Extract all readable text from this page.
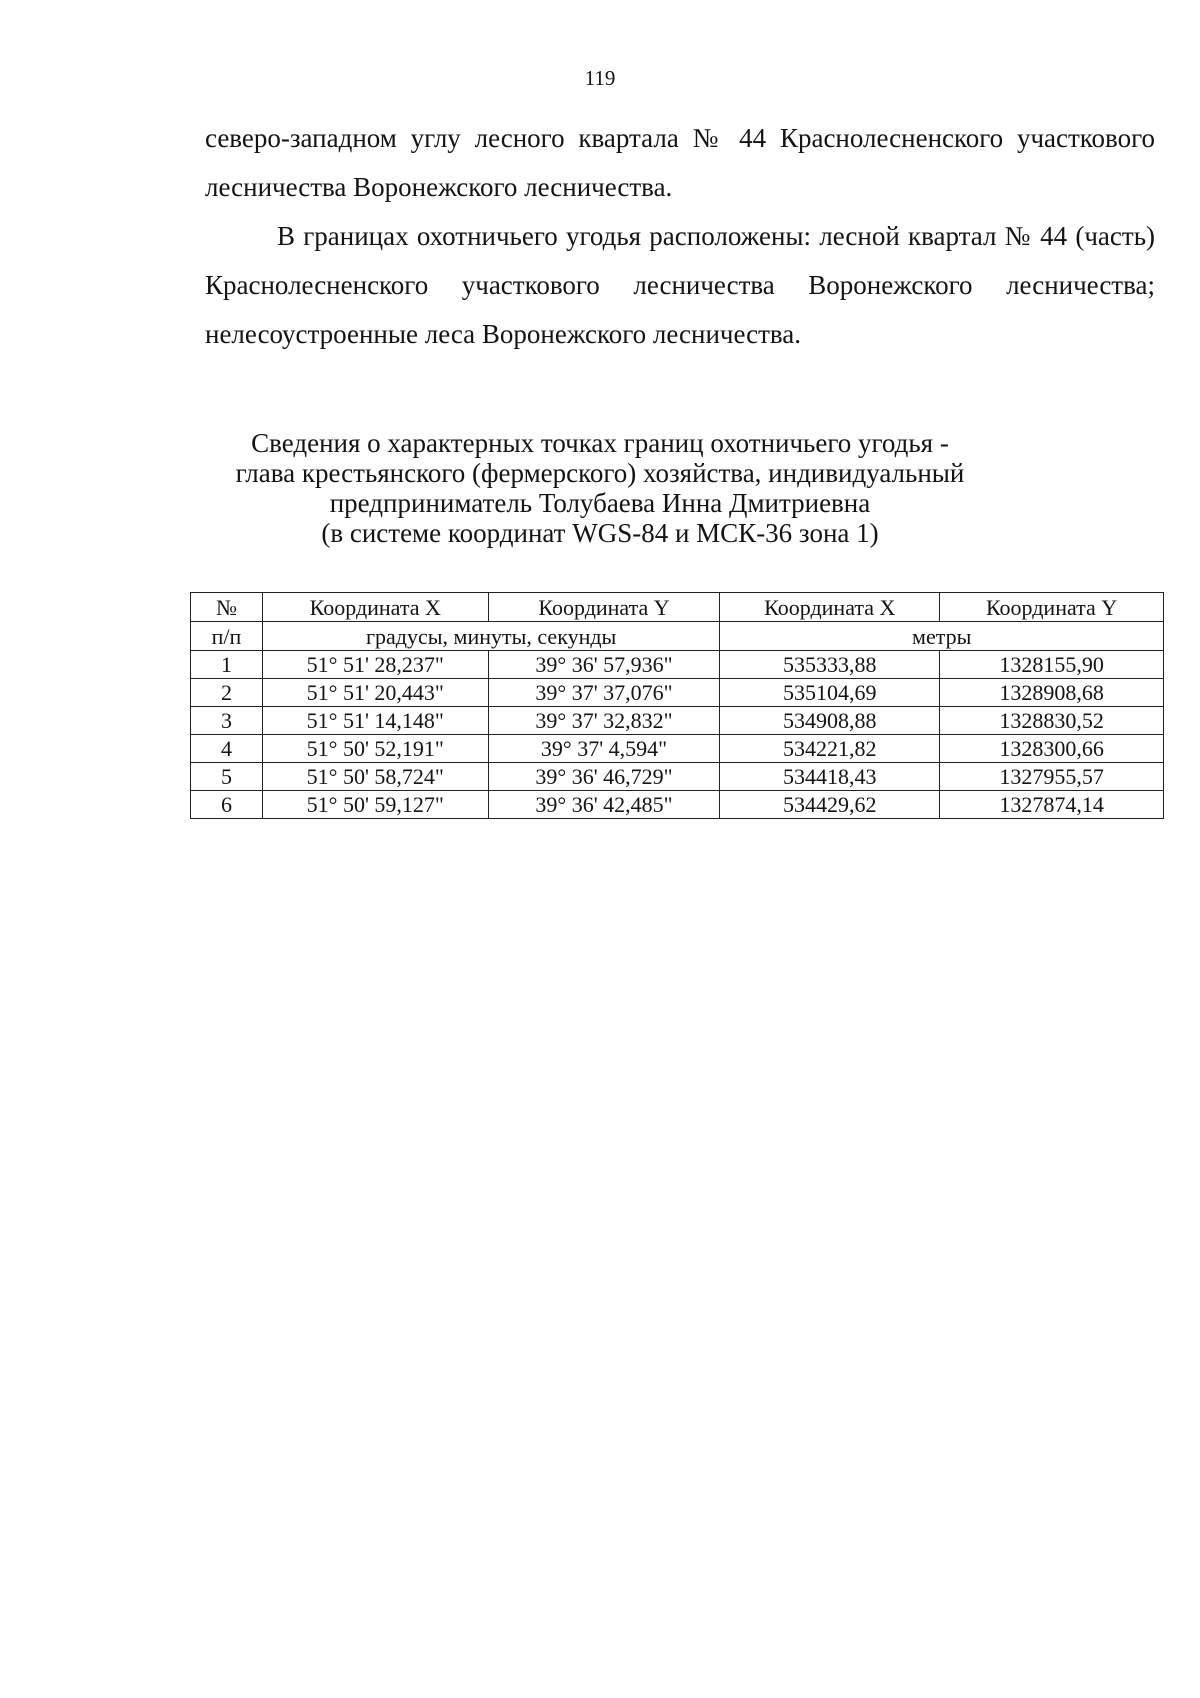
119

северо-западном углу лесного квартала № 44 Краснолесненского участкового лесничества Воронежского лесничества.

В границах охотничьего угодья расположены: лесной квартал № 44 (часть) Краснолесненского участкового лесничества Воронежского лесничества; нелесоустроенные леса Воронежского лесничества.

Сведения о характерных точках границ охотничьего угодья -
глава крестьянского (фермерского) хозяйства, индивидуальный
предприниматель Толубаева Инна Дмитриевна
(в системе координат WGS-84 и МСК-36 зона 1)
№	Координата X	Координата Y	Координата X	Координата Y
п/п	градусы, минуты, секунды		метры	
1	51° 51' 28,237"	39° 36' 57,936"	535333,88	1328155,90
2	51° 51' 20,443"	39° 37' 37,076"	535104,69	1328908,68
3	51° 51' 14,148"	39° 37' 32,832"	534908,88	1328830,52
4	51° 50' 52,191"	39° 37' 4,594"	534221,82	1328300,66
5	51° 50' 58,724"	39° 36' 46,729"	534418,43	1327955,57
6	51° 50' 59,127"	39° 36' 42,485"	534429,62	1327874,14
